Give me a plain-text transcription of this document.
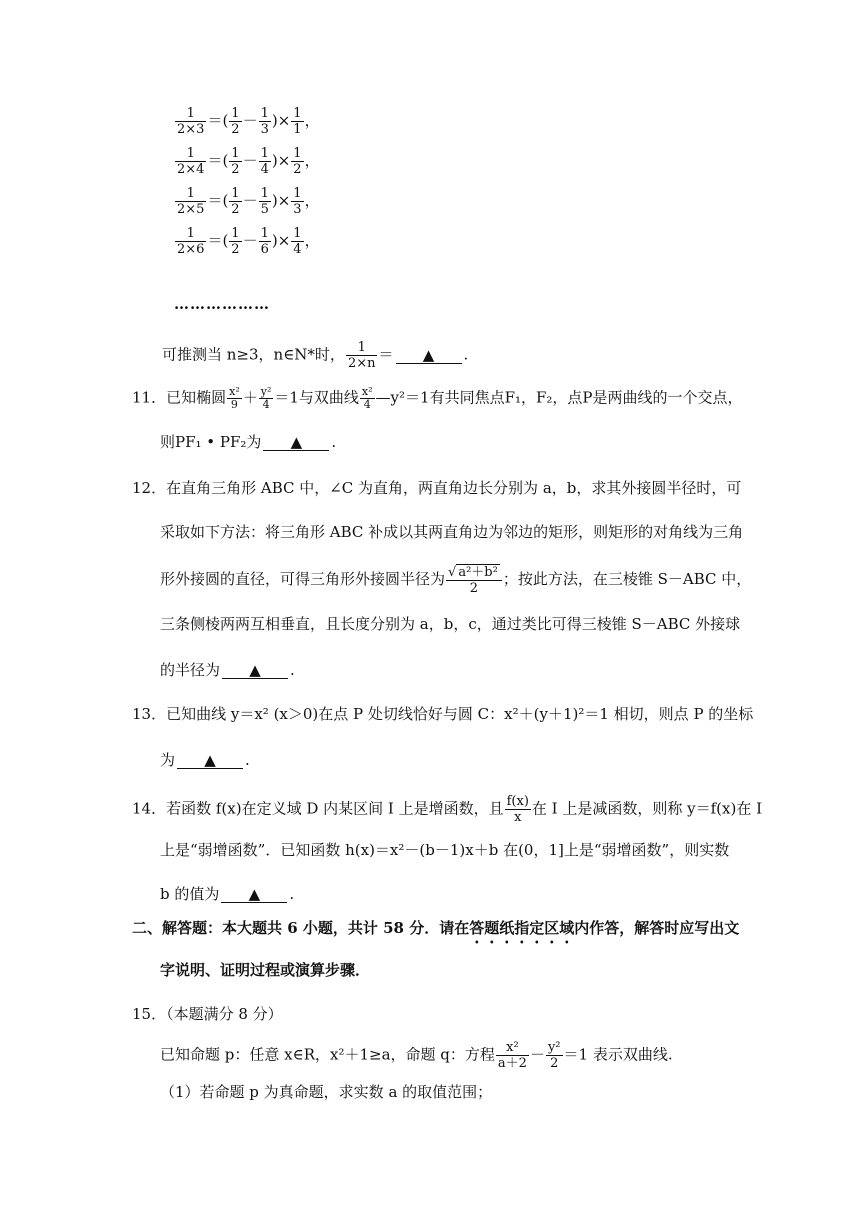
$\frac{1}{2\times 3}$ ＝( $\frac{1}{2} - \frac{1}{3}$ )× $\frac{1}{1}$ ，
$\frac{1}{2\times 4}$ ＝( $\frac{1}{2} - \frac{1}{4}$ )× $\frac{1}{2}$ ，
$\frac{1}{2\times 5}$ ＝( $\frac{1}{2} - \frac{1}{5}$ )× $\frac{1}{3}$ ，
$\frac{1}{2\times 6}$ ＝( $\frac{1}{2} - \frac{1}{6}$ )× $\frac{1}{4}$ ，
………………
可推测当 n≥3，n∈N*时， $\frac{1}{2\times n}$ ＝ ▲ .
11．已知椭圆 $\frac{\text{x²}}{9} + \frac{\text{y²}}{4} =1$与双曲线 $\frac{\text{x²}}{4}$ —y²＝1有共同焦点F₁，F₂，点P是两曲线的一个交点，
则PF₁ • PF₂为 ▲ .
12．在直角三角形 ABC 中，∠C 为直角，两直角边长分别为 a，b，求其外接圆半径时，可
采取如下方法：将三角形 ABC 补成以其两直角边为邻边的矩形，则矩形的对角线为三角
形外接圆的直径，可得三角形外接圆半径为 $\frac{\text{√ a²＋b²}}{2}$ ；按此方法，在三棱锥 S－ABC 中，
三条侧棱两两互相垂直，且长度分别为 a，b，c，通过类比可得三棱锥 S－ABC 外接球
的半径为 ▲ .
13．已知曲线 y＝x² (x＞0)在点 P 处切线恰好与圆 C：x²＋(y＋1)²＝1 相切，则点 P 的坐标
为 ▲ .
14．若函数 f(x)在定义域 D 内某区间 I 上是增函数，且 $\frac{f(x)}{x}$ 在 I 上是减函数，则称 y＝f(x)在 I
上是“弱增函数”．已知函数 h(x)＝x²－(b－1)x＋b 在(0，1]上是“弱增函数”，则实数
b 的值为 ▲ .
二、解答题：本大题共 6 小题，共计 58 分．请在答题纸指定区域内作答，解答时应写出文
字说明、证明过程或演算步骤．
15．（本题满分 8 分）
已知命题 p：任意 x∈R，x²＋1≥a，命题 q：方程 $\frac{\text{x²}}{a+2} - \frac{\text{y²}}{2} =1$ 表示双曲线.
（1）若命题 p 为真命题，求实数 a 的取值范围；
